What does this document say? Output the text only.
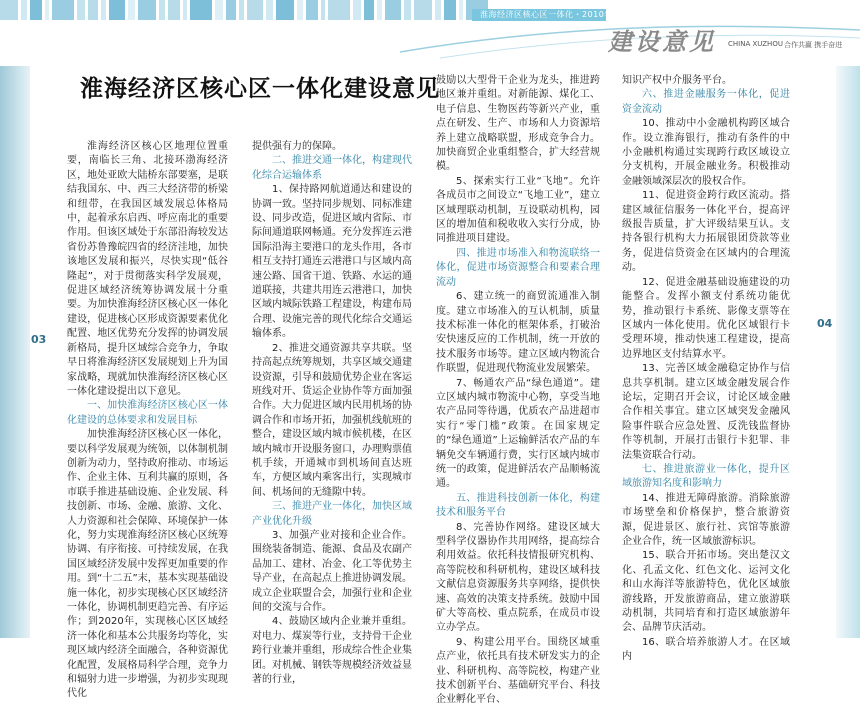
淮海经济区核心区一体化・2010年度
建设意见 CHINA XUZHOU 合作共赢 携手奋进
03
04
淮海经济区核心区一体化建设意见

淮海经济区核心区地理位置重要，南临长三角、北接环渤海经济区，地处亚欧大陆桥东部要塞，是联结我国东、中、西三大经济带的桥梁和纽带，在我国区域发展总体格局中，起着承东启西、呼应南北的重要作用。但该区域处于东部沿海较发达省份苏鲁豫皖四省的经济洼地，加快该地区发展和振兴，尽快实现“低谷隆起”，对于贯彻落实科学发展观，促进区域经济统筹协调发展十分重要。为加快淮海经济区核心区一体化建设，促进核心区形成资源要素优化配置、地区优势充分发挥的协调发展新格局，提升区域综合竞争力，争取早日将淮海经济区发展规划上升为国家战略，现就加快淮海经济区核心区一体化建设提出以下意见。

一、加快淮海经济区核心区一体化建设的总体要求和发展目标

加快淮海经济区核心区一体化，要以科学发展观为统领，以体制机制创新为动力，坚持政府推动、市场运作、企业主体、互利共赢的原则，各市联手推进基础设施、企业发展、科技创新、市场、金融、旅游、文化、人力资源和社会保障、环境保护一体化，努力实现淮海经济区核心区统筹协调、有序衔接、可持续发展，在我国区域经济发展中发挥更加重要的作用。到“十二五”末，基本实现基础设施一体化，初步实现核心区区域经济一体化，协调机制更趋完善、有序运作；到2020年，实现核心区区域经济一体化和基本公共服务均等化，实现区域内经济全面融合，各种资源优化配置，发展格局科学合理，竞争力和辐射力进一步增强，为初步实现现代化

提供强有力的保障。

二、推进交通一体化，构建现代化综合运输体系

1、保持路网航道通达和建设的协调一致。坚持同步规划、同标准建设、同步改造，促进区域内省际、市际间通道联网畅通。充分发挥连云港国际沿海主要港口的龙头作用，各市相互支持打通连云港港口与区域内高速公路、国省干道、铁路、水运的通道联接，共建共用连云港港口，加快区域内城际铁路工程建设，构建布局合理、设施完善的现代化综合交通运输体系。

2、推进交通资源共享共联。坚持高起点统筹规划，共享区域交通建设资源，引导和鼓励优势企业在客运班线对开、货运企业协作等方面加强合作。大力促进区域内民用机场的协调合作和市场开拓，加强机线航班的整合，建设区域内城市候机楼，在区域内城市开设服务窗口，办理购票值机手续，开通城市到机场间直达班车，方便区域内乘客出行，实现城市间、机场间的无缝隙中转。

三、推进产业一体化，加快区域产业优化升级

3、加强产业对接和企业合作。围绕装备制造、能源、食品及农副产品加工、建材、冶金、化工等优势主导产业，在高起点上推进协调发展。成立企业联盟合会，加强行业和企业间的交流与合作。

4、鼓励区域内企业兼并重组。对电力、煤炭等行业，支持骨干企业跨行业兼并重组，形成综合性企业集团。对机械、钢铁等规模经济效益显著的行业，

鼓励以大型骨干企业为龙头，推进跨地区兼并重组。对新能源、煤化工、电子信息、生物医药等新兴产业，重点在研发、生产、市场和人力资源培养上建立战略联盟，形成竞争合力。加快商贸企业重组整合，扩大经营规模。

5、探索实行工业“飞地”。允许各成员市之间设立“飞地工业”，建立区域理联动机制，互设联动机构，园区的增加值和税收收入实行分成，协同推进项目建设。

四、推进市场准入和物流联络一体化，促进市场资源整合和要素合理流动

6、建立统一的商贸流通准入制度。建立市场准入的互认机制，质量技术标准一体化的框架体系，打破治安快速反应的工作机制，统一开放的技术服务市场等。建立区域内物流合作联盟，促进现代物流业发展繁荣。

7、畅通农产品“绿色通道”。建立区域内城市物流中心物，享受当地农产品同等待遇，优质农产品进超市实行“零门槛”政策。在国家规定的“绿色通道”上运输鲜活农产品的车辆免交车辆通行费，实行区域内城市统一的政策，促进鲜活农产品顺畅流通。

五、推进科技创新一体化，构建技术和服务平台

8、完善协作网络。建设区域大型科学仪器协作共用网络，提高综合利用效益。依托科技情报研究机构、高等院校和科研机构，建设区域科技文献信息资源服务共享网络，提供快速、高效的决策支持系统。鼓励中国矿大等高校、重点院系，在成员市设立办学点。

9、构建公用平台。围绕区域重点产业，依托具有技术研发实力的企业、科研机构、高等院校，构建产业技术创新平台、基础研究平台、科技企业孵化平台、

知识产权中介服务平台。

六、推进金融服务一体化，促进资金流动

10、推动中小金融机构跨区域合作。设立淮海银行，推动有条件的中小金融机构通过实现跨行政区域设立分支机构，开展金融业务。积极推动金融领域深层次的股权合作。

11、促进资金跨行政区流动。搭建区域征信服务一体化平台，提高评级报告质量，扩大评级结果互认。支持各银行机构大力拓展银团贷款等业务，促进信贷资金在区域内的合理流动。

12、促进金融基础设施建设的功能整合。发挥小额支付系统功能优势，推动银行卡系统、影像支票等在区域内一体化使用。优化区域银行卡受理环境，推动快速工程建设，提高边界地区支付结算水平。

13、完善区域金融稳定协作与信息共享机制。建立区域金融发展合作论坛，定期召开会议，讨论区域金融合作相关事宜。建立区域突发金融风险事件联合应急处置、反洗钱监督协作等机制，开展打击银行卡犯罪、非法集资联合行动。

七、推进旅游业一体化，提升区域旅游知名度和影响力

14、推进无障碍旅游。消除旅游市场壁垒和价格保护，整合旅游资源，促进景区、旅行社、宾馆等旅游企业合作，统一区域旅游标识。

15、联合开拓市场。突出楚汉文化、孔孟文化、红色文化、运河文化和山水海洋等旅游特色，优化区域旅游线路，开发旅游商品，建立旅游联动机制，共同培育和打造区域旅游年会、品牌节庆活动。

16、联合培养旅游人才。在区域内
